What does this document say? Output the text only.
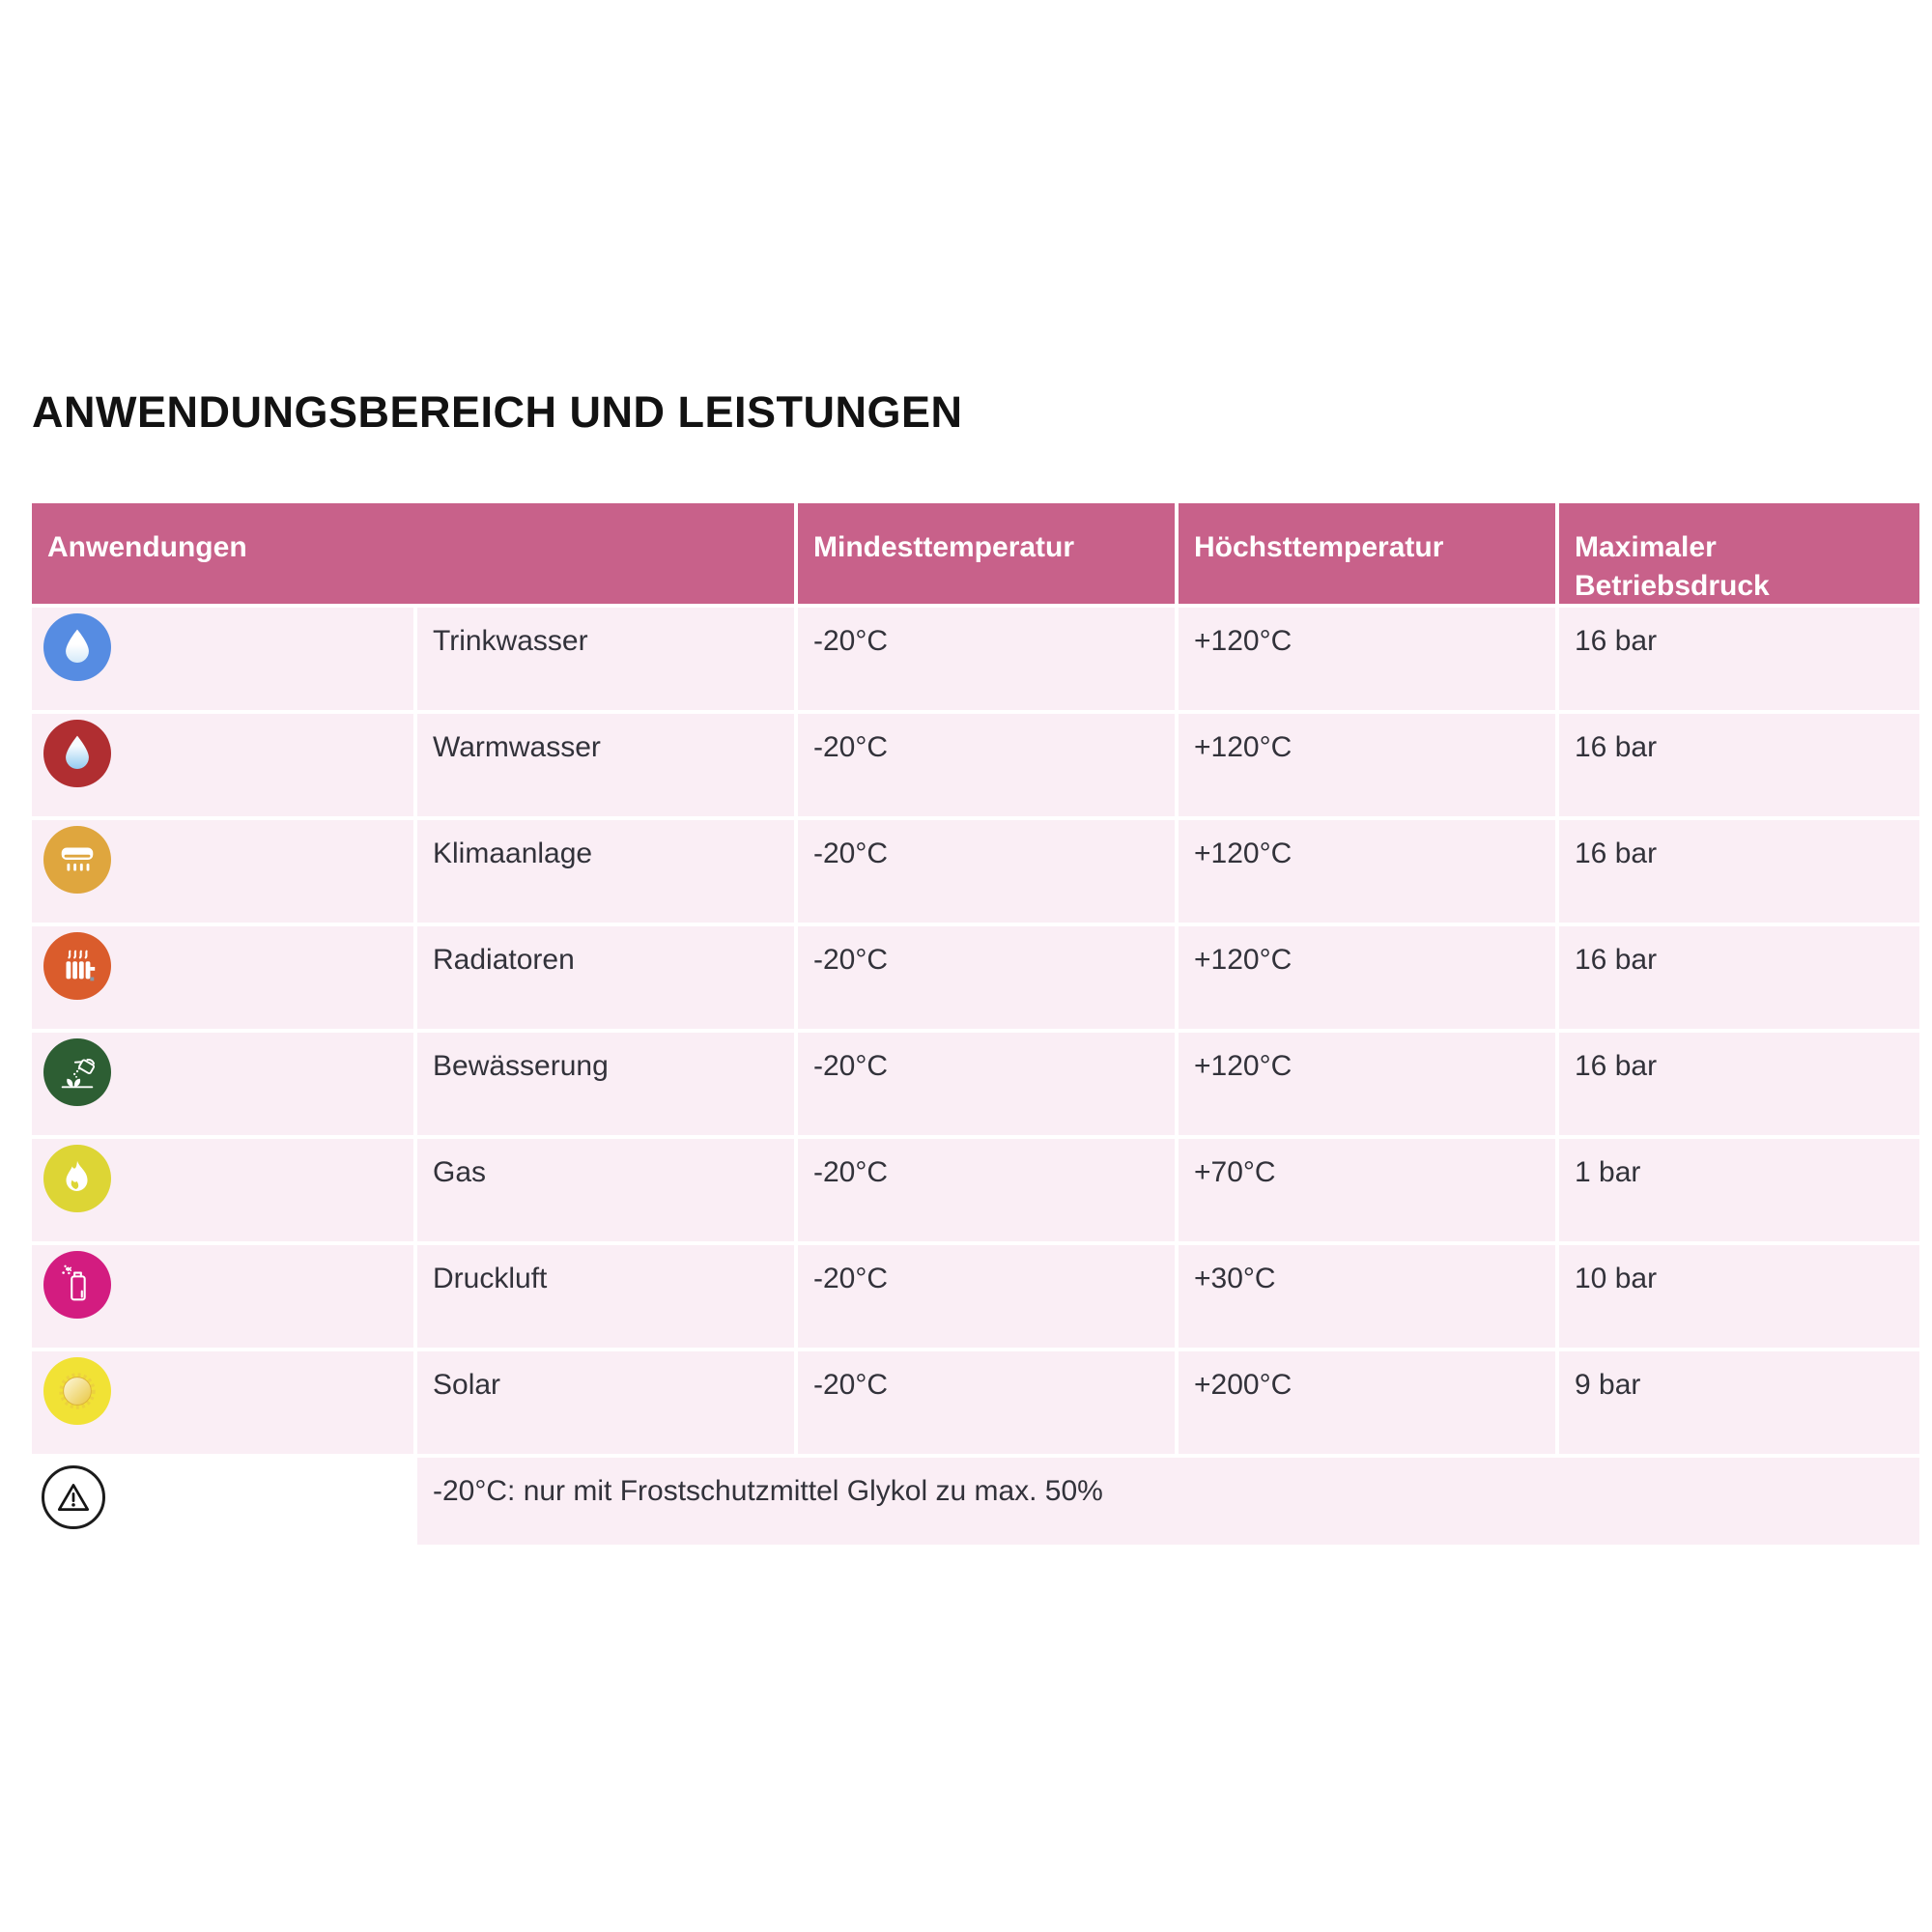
ANWENDUNGSBEREICH UND LEISTUNGEN
Anwendungen	Mindesttemperatur	Höchsttemperatur	Maximaler Betriebsdruck
Trinkwasser	-20°C	+120°C	16 bar
Warmwasser	-20°C	+120°C	16 bar
Klimaanlage	-20°C	+120°C	16 bar
Radiatoren	-20°C	+120°C	16 bar
Bewässerung	-20°C	+120°C	16 bar
Gas	-20°C	+70°C	1 bar
Druckluft	-20°C	+30°C	10 bar
Solar	-20°C	+200°C	9 bar
-20°C: nur mit Frostschutzmittel Glykol zu max. 50%
